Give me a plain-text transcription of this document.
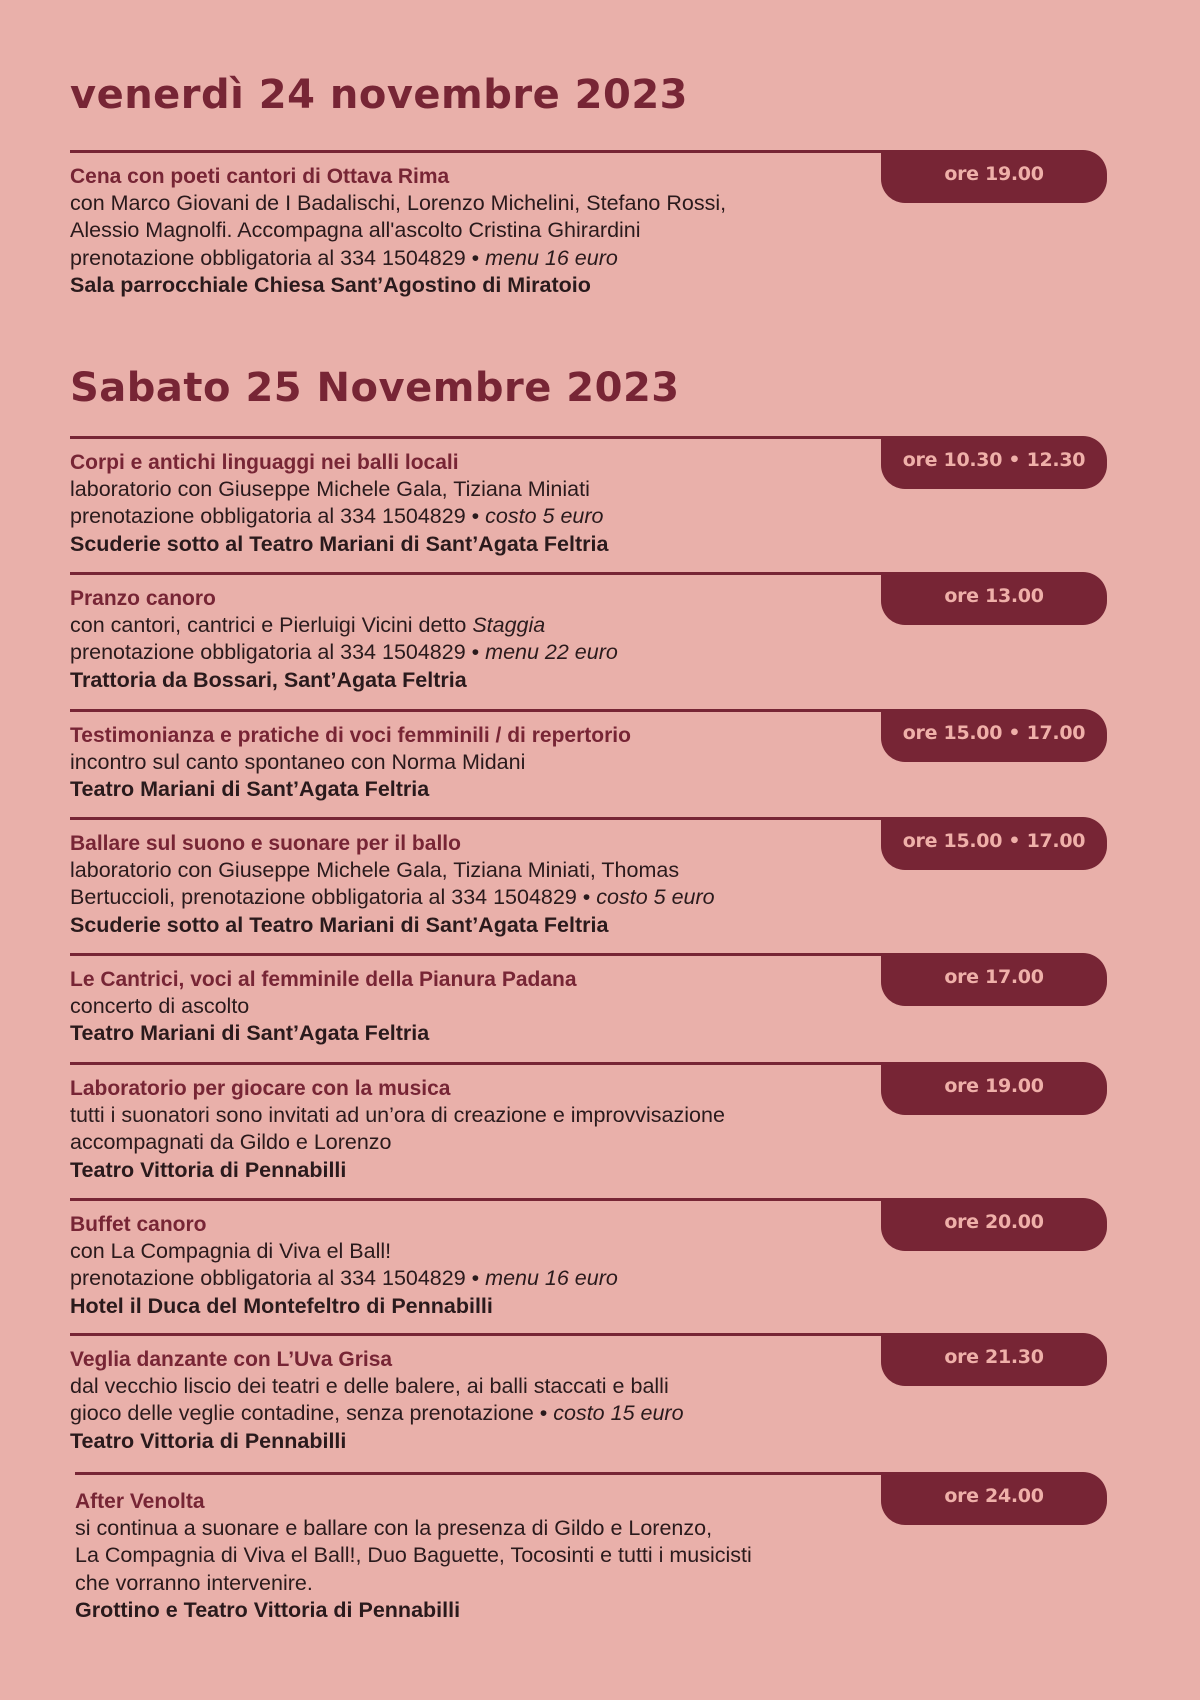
venerdì 24 novembre 2023
ore 19.00
Cena con poeti cantori di Ottava Rima
con Marco Giovani de I Badalischi, Lorenzo Michelini, Stefano Rossi,
Alessio Magnolfi. Accompagna all'ascolto Cristina Ghirardini
prenotazione obbligatoria al 334 1504829 • menu 16 euro
Sala parrocchiale Chiesa Sant’Agostino di Miratoio
Sabato 25 Novembre 2023
ore 10.30 • 12.30
Corpi e antichi linguaggi nei balli locali
laboratorio con Giuseppe Michele Gala, Tiziana Miniati
prenotazione obbligatoria al 334 1504829 • costo 5 euro
Scuderie sotto al Teatro Mariani di Sant’Agata Feltria
ore 13.00
Pranzo canoro
con cantori, cantrici e Pierluigi Vicini detto Staggia
prenotazione obbligatoria al 334 1504829 • menu 22 euro
Trattoria da Bossari, Sant’Agata Feltria
ore 15.00 • 17.00
Testimonianza e pratiche di voci femminili / di repertorio
incontro sul canto spontaneo con Norma Midani
Teatro Mariani di Sant’Agata Feltria
ore 15.00 • 17.00
Ballare sul suono e suonare per il ballo
laboratorio con Giuseppe Michele Gala, Tiziana Miniati, Thomas
Bertuccioli, prenotazione obbligatoria al 334 1504829 • costo 5 euro
Scuderie sotto al Teatro Mariani di Sant’Agata Feltria
ore 17.00
Le Cantrici, voci al femminile della Pianura Padana
concerto di ascolto
Teatro Mariani di Sant’Agata Feltria
ore 19.00
Laboratorio per giocare con la musica
tutti i suonatori sono invitati ad un’ora di creazione e improvvisazione
accompagnati da Gildo e Lorenzo
Teatro Vittoria di Pennabilli
ore 20.00
Buffet canoro
con La Compagnia di Viva el Ball!
prenotazione obbligatoria al 334 1504829 • menu 16 euro
Hotel il Duca del Montefeltro di Pennabilli
ore 21.30
Veglia danzante con L’Uva Grisa
dal vecchio liscio dei teatri e delle balere, ai balli staccati e balli
gioco delle veglie contadine, senza prenotazione • costo 15 euro
Teatro Vittoria di Pennabilli
ore 24.00
After Venolta
si continua a suonare e ballare con la presenza di Gildo e Lorenzo,
La Compagnia di Viva el Ball!, Duo Baguette, Tocosinti e tutti i musicisti
che vorranno intervenire.
Grottino e Teatro Vittoria di Pennabilli
